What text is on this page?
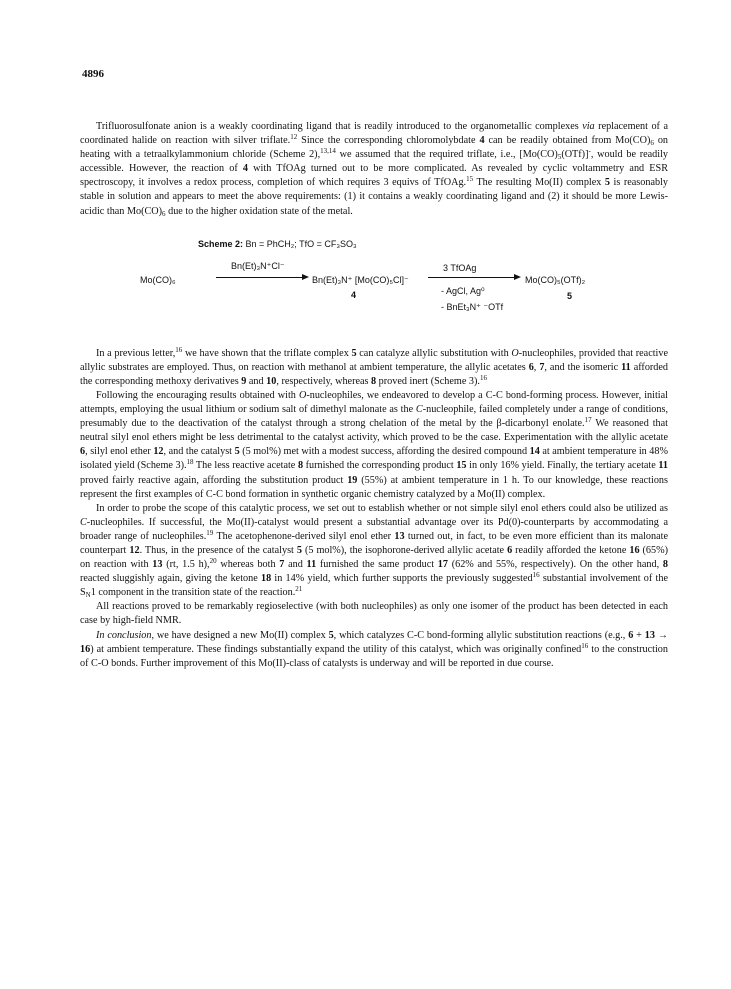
4896

Trifluorosulfonate anion is a weakly coordinating ligand that is readily introduced to the organometallic complexes via replacement of a coordinated halide on reaction with silver triflate.$^{12}$ Since the corresponding chloromolybdate 4 can be readily obtained from $Mo(CO)_6$ on heating with a tetraalkylammonium chloride (Scheme 2),$^{13,14}$ we assumed that the required triflate, i.e., $[Mo(CO)_5(OTf)]^-$, would be readily accessible. However, the reaction of 4 with TfOAg turned out to be more complicated. As revealed by cyclic voltammetry and ESR spectroscopy, it involves a redox process, completion of which requires 3 equivs of TfOAg.$^{15}$ The resulting Mo(II) complex 5 is reasonably stable in solution and appears to meet the above requirements: (1) it contains a weakly coordinating ligand and (2) it should be more Lewis-acidic than $Mo(CO)_6$ due to the higher oxidation state of the metal.

Scheme 2: Bn = PhCH₂; TfO = CF₃SO₃
Mo(CO)₆
Bn(Et)₃N⁺Cl⁻
Bn(Et)₃N⁺ [Mo(CO)₅Cl]⁻
4
3 TfOAg
- AgCl, Ag⁰
- BnEt₃N⁺ ⁻OTf
Mo(CO)₅(OTf)₂
5

In a previous letter,$^{16}$ we have shown that the triflate complex 5 can catalyze allylic substitution with O-nucleophiles, provided that reactive allylic substrates are employed. Thus, on reaction with methanol at ambient temperature, the allylic acetates 6, 7, and the isomeric 11 afforded the corresponding methoxy derivatives 9 and 10, respectively, whereas 8 proved inert (Scheme 3).$^{16}$

Following the encouraging results obtained with O-nucleophiles, we endeavored to develop a C-C bond-forming process. However, initial attempts, employing the usual lithium or sodium salt of dimethyl malonate as the C-nucleophile, failed completely under a range of conditions, presumably due to the deactivation of the catalyst through a strong chelation of the metal by the β-dicarbonyl enolate.$^{17}$ We reasoned that neutral silyl enol ethers might be less detrimental to the catalyst activity, which proved to be the case. Experimentation with the allylic acetate 6, silyl enol ether 12, and the catalyst 5 (5 mol%) met with a modest success, affording the desired compound 14 at ambient temperature in 48% isolated yield (Scheme 3).$^{18}$ The less reactive acetate 8 furnished the corresponding product 15 in only 16% yield. Finally, the tertiary acetate 11 proved fairly reactive again, affording the substitution product 19 (55%) at ambient temperature in 1 h. To our knowledge, these reactions represent the first examples of C-C bond formation in synthetic organic chemistry catalyzed by a Mo(II) complex.

In order to probe the scope of this catalytic process, we set out to establish whether or not simple silyl enol ethers could also be utilized as C-nucleophiles. If successful, the Mo(II)-catalyst would present a substantial advantage over its Pd(0)-counterparts by accommodating a broader range of nucleophiles.$^{19}$ The acetophenone-derived silyl enol ether 13 turned out, in fact, to be even more efficient than its malonate counterpart 12. Thus, in the presence of the catalyst 5 (5 mol%), the isophorone-derived allylic acetate 6 readily afforded the ketone 16 (65%) on reaction with 13 (rt, 1.5 h),$^{20}$ whereas both 7 and 11 furnished the same product 17 (62% and 55%, respectively). On the other hand, 8 reacted sluggishly again, giving the ketone 18 in 14% yield, which further supports the previously suggested$^{16}$ substantial involvement of the $S_N1$ component in the transition state of the reaction.$^{21}$

All reactions proved to be remarkably regioselective (with both nucleophiles) as only one isomer of the product has been detected in each case by high-field NMR.

In conclusion, we have designed a new Mo(II) complex 5, which catalyzes C-C bond-forming allylic substitution reactions (e.g., 6 + 13 → 16) at ambient temperature. These findings substantially expand the utility of this catalyst, which was originally confined$^{16}$ to the construction of C-O bonds. Further improvement of this Mo(II)-class of catalysts is underway and will be reported in due course.
